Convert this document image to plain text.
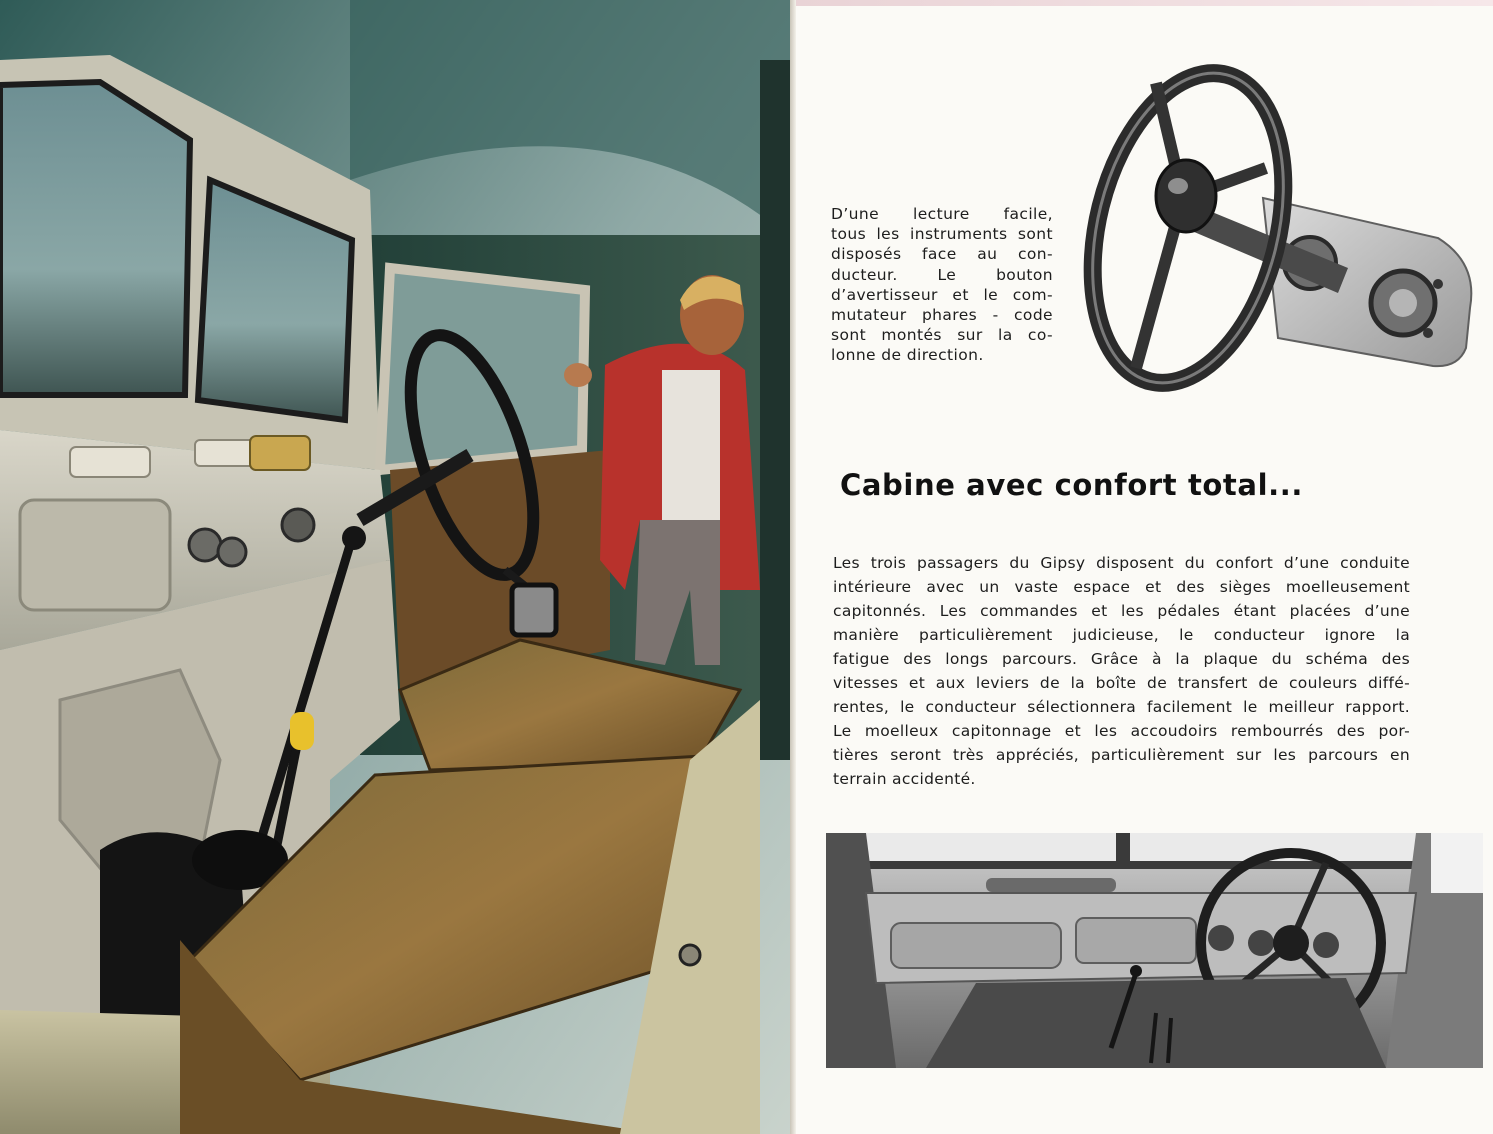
D’une lecture facile,
tous les instruments sont
disposés face au con-
ducteur. Le bouton
d’avertisseur et le com-
mutateur phares - code
sont montés sur la co-
lonne de direction.
Cabine avec confort total...
Les trois passagers du Gipsy disposent du confort d’une conduite
intérieure avec un vaste espace et des sièges moelleusement
capitonnés. Les commandes et les pédales étant placées d’une
manière particulièrement judicieuse, le conducteur ignore la
fatigue des longs parcours. Grâce à la plaque du schéma des
vitesses et aux leviers de la boîte de transfert de couleurs diffé-
rentes, le conducteur sélectionnera facilement le meilleur rapport.
Le moelleux capitonnage et les accoudoirs rembourrés des por-
tières seront très appréciés, particulièrement sur les parcours en
terrain accidenté.
